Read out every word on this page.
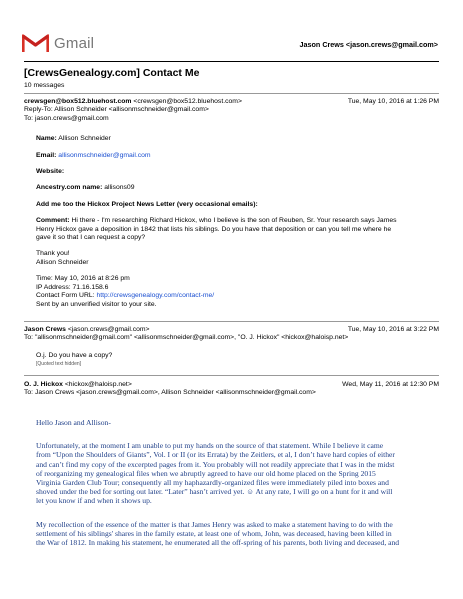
Gmail	Jason Crews <jason.crews@gmail.com>
[CrewsGenealogy.com] Contact Me
10 messages
crewsgen@box512.bluehost.com <crewsgen@box512.bluehost.com>	Tue, May 10, 2016 at 1:26 PM
Reply-To: Allison Schneider <allisonmschneider@gmail.com>
To: jason.crews@gmail.com
Name: Allison Schneider
Email: allisonmschneider@gmail.com
Website:
Ancestry.com name: allisons09
Add me too the Hickox Project News Letter (very occasional emails):
Comment: Hi there - I'm researching Richard Hickox, who I believe is the son of Reuben, Sr. Your research says James
Henry Hickox gave a deposition in 1842 that lists his siblings. Do you have that deposition or can you tell me where he
gave it so that I can request a copy?
Thank you!
Allison Schneider
Time: May 10, 2016 at 8:26 pm
IP Address: 71.16.158.6
Contact Form URL: http://crewsgenealogy.com/contact-me/
Sent by an unverified visitor to your site.
Jason Crews <jason.crews@gmail.com>	Tue, May 10, 2016 at 3:22 PM
To: "allisonmschneider@gmail.com" <allisonmschneider@gmail.com>, "O. J. Hickox" <hickox@haloisp.net>
O.j. Do you have a copy?
[Quoted text hidden]
O. J. Hickox <hickox@haloisp.net>	Wed, May 11, 2016 at 12:30 PM
To: Jason Crews <jason.crews@gmail.com>, Allison Schneider <allisonmschneider@gmail.com>
Hello Jason and Allison-
Unfortunately, at the moment I am unable to put my hands on the source of that statement. While I believe it came
from “Upon the Shoulders of Giants”, Vol. I or II (or its Errata) by the Zeitlers, et al, I don’t have hard copies of either
and can’t find my copy of the excerpted pages from it. You probably will not readily appreciate that I was in the midst
of reorganizing my genealogical files when we abruptly agreed to have our old home placed on the Spring 2015
Virginia Garden Club Tour; consequently all my haphazardly-organized files were immediately piled into boxes and
shoved under the bed for sorting out later. “Later” hasn’t arrived yet. ☺ At any rate, I will go on a hunt for it and will
let you know if and when it shows up.
My recollection of the essence of the matter is that James Henry was asked to make a statement having to do with the
settlement of his siblings' shares in the family estate, at least one of whom, John, was deceased, having been killed in
the War of 1812. In making his statement, he enumerated all the off-spring of his parents, both living and deceased, and
